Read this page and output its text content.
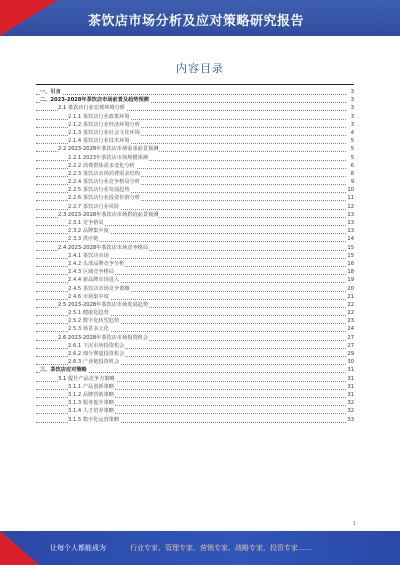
茶饮店市场分析及应对策略研究报告
内容目录
一、引言	3
二、2023-2028年茶饮店市场前景及趋势预测	3
2.1 茶饮店行业宏观环境分析	3
2.1.1 茶饮店行业政策环境	3
2.1.2 茶饮店行业经济环境分析	3
2.1.3 茶饮店行业社会文化环境	4
2.1.4 茶饮店行业技术环境	5
2.2 2023-2028年茶饮店市场需求前景预测	5
2.2.1 2023年茶饮店市场规模预测	5
2.2.2 消费群体需求变化分析	6
2.2.3 茶饮店市场消费需求结构	8
2.2.4 茶饮店行业竞争格局分析	9
2.2.5 茶饮店行业发展趋势	10
2.2.6 茶饮店行业投资价值分析	11
2.2.7 茶饮店行业风险	12
2.3 2023-2028年茶饮店市场供给前景预测	13
2.3.1 竞争格局	13
2.3.2 品牌集中度	13
2.3.3 供应链	14
2.4 2023-2028年茶饮店市场竞争格局	15
2.4.1 茶饮店市场	15
2.4.2 头部品牌竞争分析	16
2.4.3 区域竞争格局	18
2.4.4 新品牌市场进入	19
2.4.5 茶饮店市场竞争策略	20
2.4.6 市场集中度	21
2.5 2023-2028年茶饮店市场发展趋势	22
2.5.1 健康化趋势	22
2.5.2 数字化转型趋势	23
2.5.3 场景多元化	24
2.6 2023-2028年茶饮店市场投资机会	27
2.6.1 下沉市场投资机会	27
2.6.2 细分赛道投资机会	29
2.6.3 产业链投资机会	30
三、茶饮店应对策略	31
3.1 提升产品竞争力策略	31
3.1.1 产品创新策略	31
3.1.2 品牌营销策略	31
3.1.3 服务提升策略	32
3.1.4 人才培养策略	32
3.1.5 数字化运营策略	33
1
让每个人都能成为	行业专家、管理专家、营销专家、战略专家、投资专家……
